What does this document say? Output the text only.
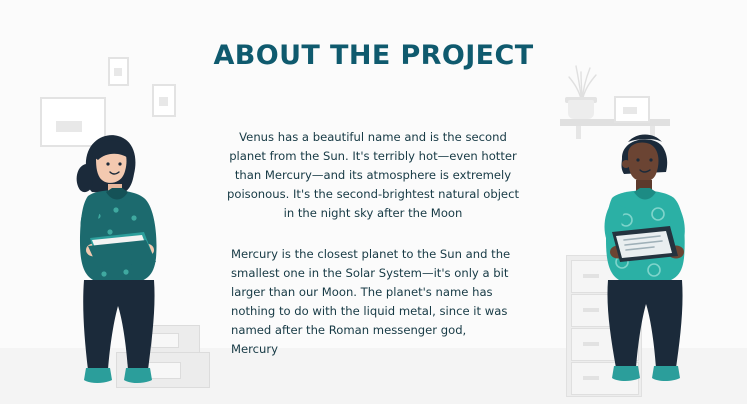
ABOUT THE PROJECT
Venus has a beautiful name and is the second planet from the Sun. It's terribly hot—even hotter than Mercury—and its atmosphere is extremely poisonous. It's the second-brightest natural object in the night sky after the Moon
Mercury is the closest planet to the Sun and the smallest one in the Solar System—it's only a bit larger than our Moon. The planet's name has nothing to do with the liquid metal, since it was named after the Roman messenger god, Mercury
